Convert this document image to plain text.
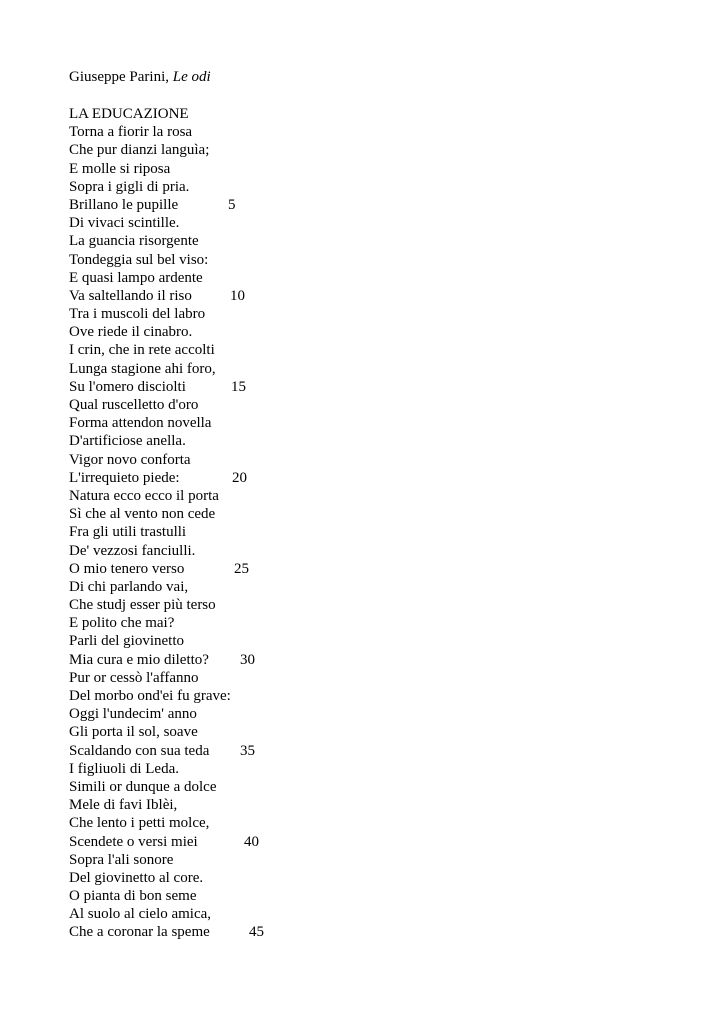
Giuseppe Parini, Le odi
LA EDUCAZIONE
Torna a fiorir la rosa
Che pur dianzi languìa;
E molle si riposa
Sopra i gigli di pria.
Brillano le pupille	5
Di vivaci scintille.
La guancia risorgente
Tondeggia sul bel viso:
E quasi lampo ardente
Va saltellando il riso	10
Tra i muscoli del labro
Ove riede il cinabro.
I crin, che in rete accolti
Lunga stagione ahi foro,
Su l'omero disciolti	15
Qual ruscelletto d'oro
Forma attendon novella
D'artificiose anella.
Vigor novo conforta
L'irrequieto piede:	20
Natura ecco ecco il porta
Sì che al vento non cede
Fra gli utili trastulli
De' vezzosi fanciulli.
O mio tenero verso	25
Di chi parlando vai,
Che studj esser più terso
E polito che mai?
Parli del giovinetto
Mia cura e mio diletto? 30
Pur or cessò l'affanno
Del morbo ond'ei fu grave:
Oggi l'undecim' anno
Gli porta il sol, soave
Scaldando con sua teda 35
I figliuoli di Leda.
Simili or dunque a dolce
Mele di favi Iblèi,
Che lento i petti molce,
Scendete o versi miei	40
Sopra l'ali sonore
Del giovinetto al core.
O pianta di bon seme
Al suolo al cielo amica,
Che a coronar la speme	45
